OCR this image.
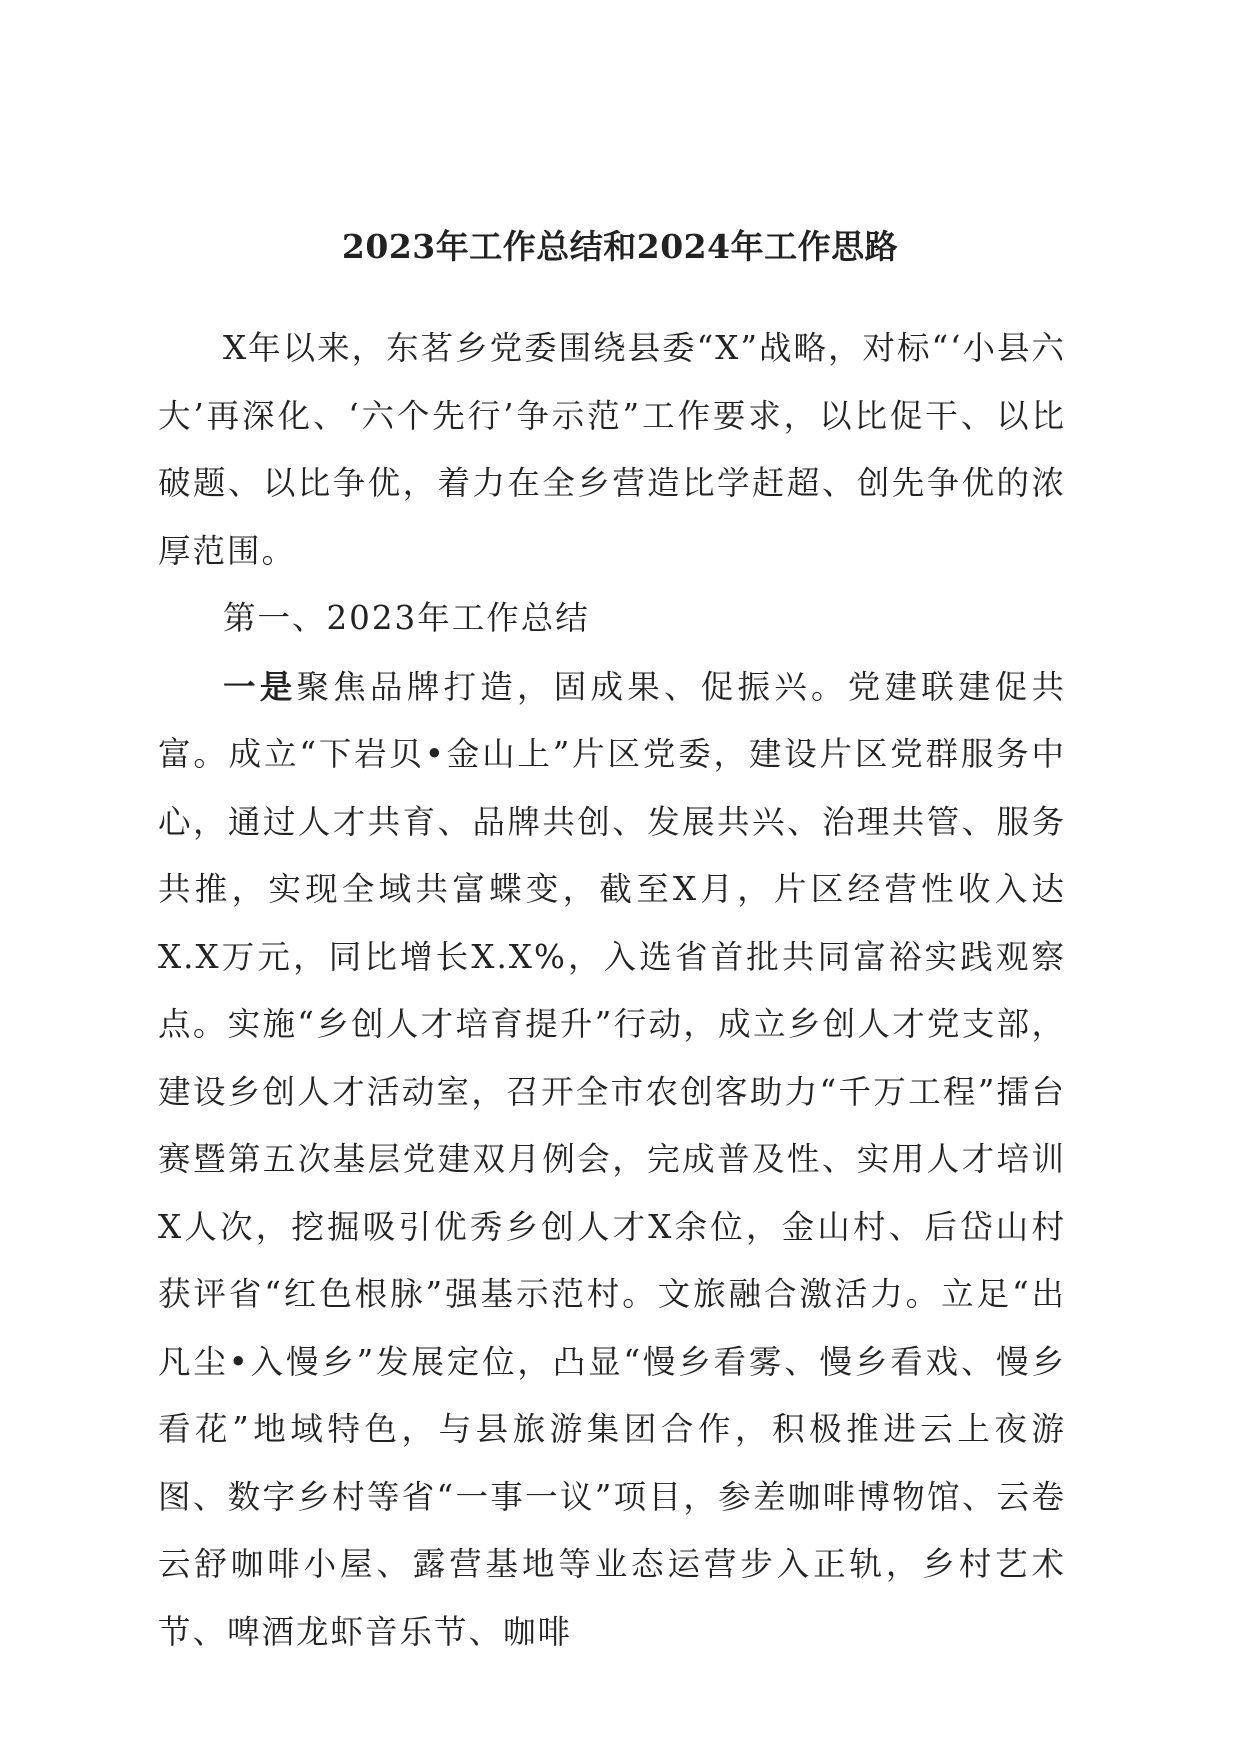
2023年工作总结和2024年工作思路

X年以来，东茗乡党委围绕县委“X”战略，对标“‘小县六大’再深化、‘六个先行’争示范”工作要求，以比促干、以比破题、以比争优，着力在全乡营造比学赶超、创先争优的浓厚范围。

第一、2023年工作总结

一是聚焦品牌打造，固成果、促振兴。党建联建促共富。成立“下岩贝•金山上”片区党委，建设片区党群服务中心，通过人才共育、品牌共创、发展共兴、治理共管、服务共推，实现全域共富蝶变，截至X月，片区经营性收入达X.X万元，同比增长X.X%，入选省首批共同富裕实践观察点。实施“乡创人才培育提升”行动，成立乡创人才党支部，建设乡创人才活动室，召开全市农创客助力“千万工程”擂台赛暨第五次基层党建双月例会，完成普及性、实用人才培训X人次，挖掘吸引优秀乡创人才X余位，金山村、后岱山村获评省“红色根脉”强基示范村。文旅融合激活力。立足“出凡尘•入慢乡”发展定位，凸显“慢乡看雾、慢乡看戏、慢乡看花”地域特色，与县旅游集团合作，积极推进云上夜游图、数字乡村等省“一事一议”项目，参差咖啡博物馆、云卷云舒咖啡小屋、露营基地等业态运营步入正轨，乡村艺术节、啤酒龙虾音乐节、咖啡
